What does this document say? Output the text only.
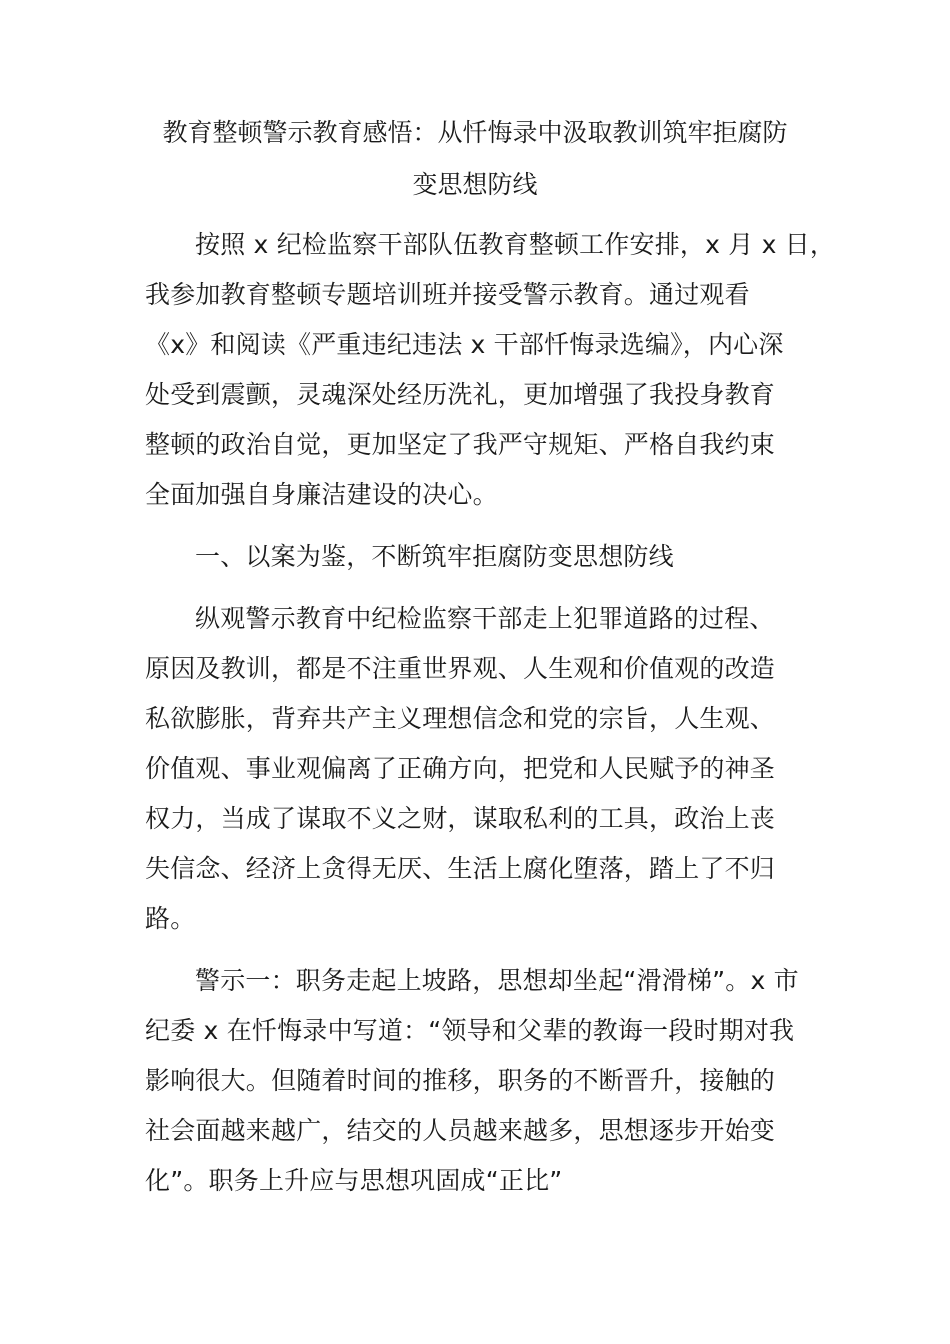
教育整顿警示教育感悟：从忏悔录中汲取教训筑牢拒腐防
变思想防线

按照 x 纪检监察干部队伍教育整顿工作安排，x 月 x 日，

我参加教育整顿专题培训班并接受警示教育。通过观看

《x》和阅读《严重违纪违法 x 干部忏悔录选编》，内心深

处受到震颤，灵魂深处经历洗礼，更加增强了我投身教育

整顿的政治自觉，更加坚定了我严守规矩、严格自我约束

全面加强自身廉洁建设的决心。

一、以案为鉴，不断筑牢拒腐防变思想防线

纵观警示教育中纪检监察干部走上犯罪道路的过程、

原因及教训，都是不注重世界观、人生观和价值观的改造

私欲膨胀，背弃共产主义理想信念和党的宗旨，人生观、

价值观、事业观偏离了正确方向，把党和人民赋予的神圣

权力，当成了谋取不义之财，谋取私利的工具，政治上丧

失信念、经济上贪得无厌、生活上腐化堕落，踏上了不归

路。

警示一：职务走起上坡路，思想却坐起“滑滑梯”。x 市

纪委 x 在忏悔录中写道：“领导和父辈的教诲一段时期对我

影响很大。但随着时间的推移，职务的不断晋升，接触的

社会面越来越广，结交的人员越来越多，思想逐步开始变

化”。职务上升应与思想巩固成“正比”
